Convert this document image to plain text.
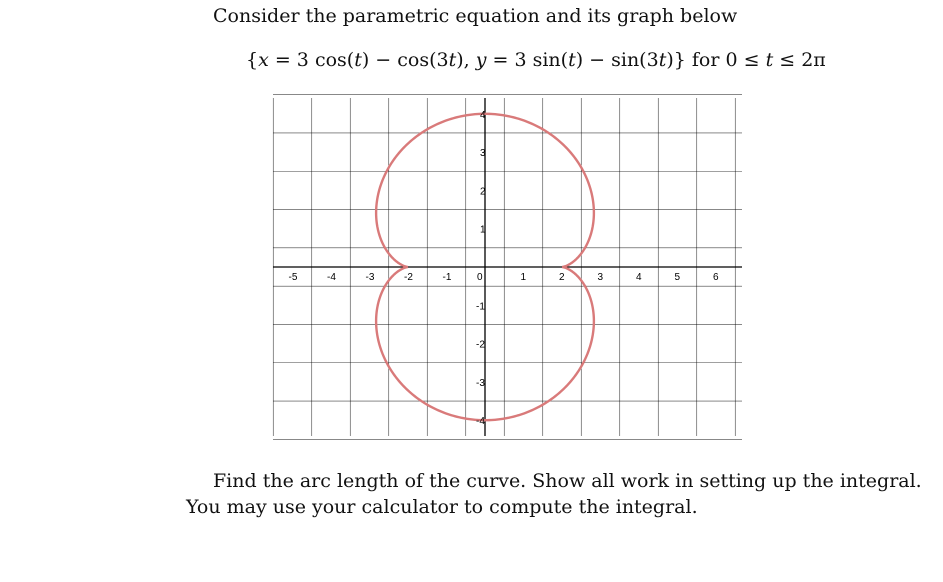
Consider the parametric equation and its graph below
{x = 3 cos(t) − cos(3t), y = 3 sin(t) − sin(3t)} for 0 ≤ t ≤ 2π
-5	-4	-3	-2	-1	0	1	2	3	4	5	6
4
3
2
1
-1
-2
-3
-4
Find the arc length of the curve. Show all work in setting up the integral.
You may use your calculator to compute the integral.
